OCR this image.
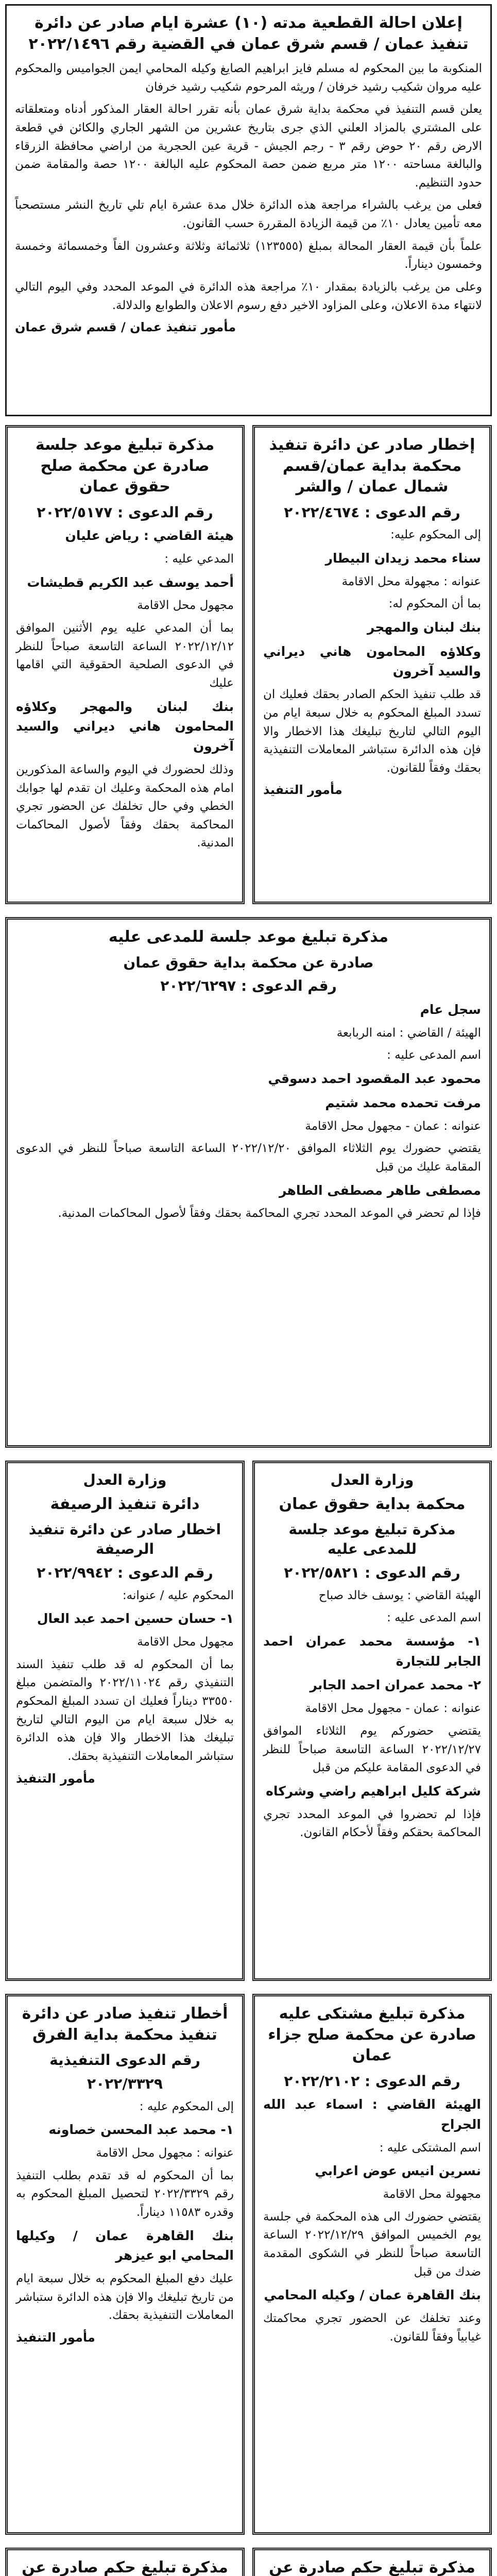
إعلان احالة القطعية مدته (١٠) عشرة ايام صادر عن دائرة تنفيذ عمان / قسم شرق عمان في القضية رقم ٢٠٢٢/١٤٩٦

المنكوبة ما بين المحكوم له مسلم فايز ابراهيم الصايغ وكيله المحامي ايمن الجواميس والمحكوم عليه مروان شكيب رشيد خرفان / وريثه المرحوم شكيب رشيد خرفان

يعلن قسم التنفيذ في محكمة بداية شرق عمان بأنه تقرر احالة العقار المذكور أدناه ومتعلقاته على المشتري بالمزاد العلني الذي جرى بتاريخ عشرين من الشهر الجاري والكائن في قطعة الارض رقم ٢٠ حوض رقم ٣ - رجم الجيش - قرية عين الحجرية من اراضي محافظة الزرقاء والبالغة مساحته ١٢٠٠ متر مربع ضمن حصة المحكوم عليه البالغة ١٢٠٠ حصة والمقامة ضمن حدود التنظيم.

فعلى من يرغب بالشراء مراجعة هذه الدائرة خلال مدة عشرة ايام تلي تاريخ النشر مستصحباً معه تأمين يعادل ١٠٪ من قيمة الزيادة المقررة حسب القانون.

علماً بأن قيمة العقار المحالة بمبلغ (١٢٣٥٥٥) ثلاثمائة وثلاثة وعشرون الفاً وخمسمائة وخمسة وخمسون ديناراً.

وعلى من يرغب بالزيادة بمقدار ١٠٪ مراجعة هذه الدائرة في الموعد المحدد وفي اليوم التالي لانتهاء مدة الاعلان، وعلى المزاود الاخير دفع رسوم الاعلان والطوابع والدلالة.

مأمور تنفيذ عمان / قسم شرق عمان
مذكرة تبليغ موعد جلسة صادرة عن محكمة صلح حقوق عمان
رقم الدعوى : ٢٠٢٢/٥١٧٧

هيئة القاضي : رياض عليان

المدعي عليه :

أحمد يوسف عبد الكريم قطيشات

مجهول محل الاقامة

بما أن المدعي عليه يوم الأثنين الموافق ٢٠٢٢/١٢/١٢ الساعة التاسعة صباحاً للنظر في الدعوى الصلحية الحقوقية التي اقامها عليك

بنك لبنان والمهجر وكلاؤه المحامون هاني ديراني والسيد آخرون

وذلك لحضورك في اليوم والساعة المذكورين امام هذه المحكمة وعليك ان تقدم لها جوابك الخطي وفي حال تخلفك عن الحضور تجري المحاكمة بحقك وفقاً لأصول المحاكمات المدنية.

إخطار صادر عن دائرة تنفيذ محكمة بداية عمان/قسم شمال عمان / والشر
رقم الدعوى : ٢٠٢٢/٤٦٧٤

إلى المحكوم عليه:

سناء محمد زيدان البيطار

عنوانه : مجهولة محل الاقامة

بما أن المحكوم له:

بنك لبنان والمهجر

وكلاؤه المحامون هاني ديراني والسيد آخرون

قد طلب تنفيذ الحكم الصادر بحقك فعليك ان تسدد المبلغ المحكوم به خلال سبعة ايام من اليوم التالي لتاريخ تبليغك هذا الاخطار والا فإن هذه الدائرة ستباشر المعاملات التنفيذية بحقك وفقاً للقانون.

مأمور التنفيذ
مذكرة تبليغ موعد جلسة للمدعى عليه
صادرة عن محكمة بداية حقوق عمان
رقم الدعوى : ٢٠٢٢/٦٢٩٧

سجل عام

الهيئة / القاضي : امنه الربابعة

اسم المدعى عليه :

محمود عبد المقصود احمد دسوقي

مرفت تحمده محمد شتيم

عنوانه : عمان - مجهول محل الاقامة

يقتضي حضورك يوم الثلاثاء الموافق ٢٠٢٢/١٢/٢٠ الساعة التاسعة صباحاً للنظر في الدعوى المقامة عليك من قبل

مصطفى طاهر مصطفى الطاهر

فإذا لم تحضر في الموعد المحدد تجري المحاكمة بحقك وفقاً لأصول المحاكمات المدنية.

وزارة العدل
دائرة تنفيذ الرصيفة
اخطار صادر عن دائرة تنفيذ الرصيفة
رقم الدعوى : ٢٠٢٢/٩٩٤٢

المحكوم عليه / عنوانه:

١- حسان حسين احمد عبد العال

مجهول محل الاقامة

بما أن المحكوم له قد طلب تنفيذ السند التنفيذي رقم ٢٠٢٢/١١٠٢٤ والمتضمن مبلغ ٣٣٥٥٠ ديناراً فعليك ان تسدد المبلغ المحكوم به خلال سبعة ايام من اليوم التالي لتاريخ تبليغك هذا الاخطار والا فإن هذه الدائرة ستباشر المعاملات التنفيذية بحقك.

مأمور التنفيذ
وزارة العدل
محكمة بداية حقوق عمان
مذكرة تبليغ موعد جلسة للمدعى عليه
رقم الدعوى : ٢٠٢٢/٥٨٢١

الهيئة القاضي : يوسف خالد صباح

اسم المدعى عليه :

١- مؤسسة محمد عمران احمد الجابر للتجارة

٢- محمد عمران احمد الجابر

عنوانه : عمان - مجهول محل الاقامة

يقتضي حضوركم يوم الثلاثاء الموافق ٢٠٢٢/١٢/٢٧ الساعة التاسعة صباحاً للنظر في الدعوى المقامة عليكم من قبل

شركة كليل ابراهيم راضي وشركاه

فإذا لم تحضروا في الموعد المحدد تجري المحاكمة بحقكم وفقاً لأحكام القانون.

أخطار تنفيذ صادر عن دائرة تنفيذ محكمة بداية الفرق
رقم الدعوى التنفيذية
٢٠٢٢/٣٣٢٩

إلى المحكوم عليه :

١- محمد عبد المحسن خصاونه

عنوانه : مجهول محل الاقامة

بما أن المحكوم له قد تقدم بطلب التنفيذ رقم ٢٠٢٢/٣٣٢٩ لتحصيل المبلغ المحكوم به وقدره ١١٥٨٣ ديناراً.

بنك القاهرة عمان / وكيلها المحامي ابو عيزهر

عليك دفع المبلغ المحكوم به خلال سبعة ايام من تاريخ تبليغك والا فإن هذه الدائرة ستباشر المعاملات التنفيذية بحقك.

مأمور التنفيذ
مذكرة تبليغ مشتكى عليه صادرة عن محكمة صلح جزاء عمان
رقم الدعوى : ٢٠٢٢/٢١٠٢

الهيئة القاضي : اسماء عبد الله الجراح

اسم المشتكى عليه :

نسرين انيس عوض اعرابي

مجهولة محل الاقامة

يقتضي حضورك الى هذه المحكمة في جلسة يوم الخميس الموافق ٢٠٢٢/١٢/٢٩ الساعة التاسعة صباحاً للنظر في الشكوى المقدمة ضدك من قبل

بنك القاهرة عمان / وكيله المحامي

وعند تخلفك عن الحضور تجري محاكمتك غيابياً وفقاً للقانون.

مذكرة تبليغ حكم صادرة عن	مذكرة تبليغ حكم صادرة عن
